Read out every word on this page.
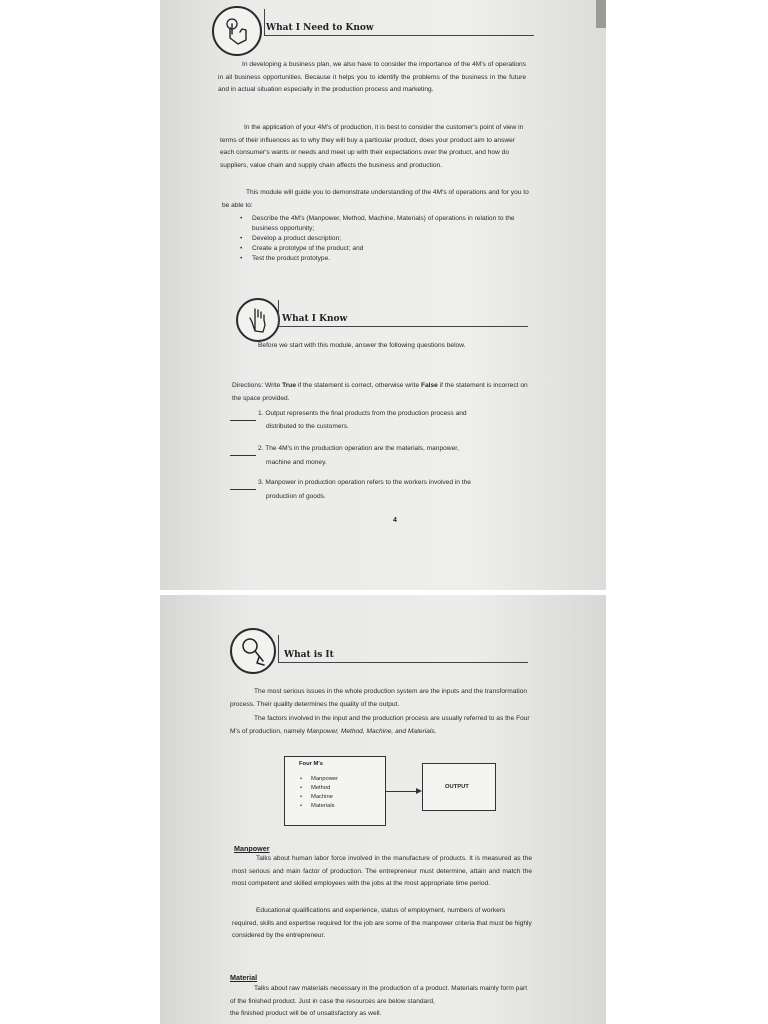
What I Need to Know
In developing a business plan, we also have to consider the importance of the 4M's of operations in all business opportunities. Because it helps you to identify the problems of the business in the future and in actual situation especially in the production process and marketing.
In the application of your 4M's of production, it is best to consider the customer's point of view in terms of their influences as to why they will buy a particular product, does your product aim to answer each consumer's wants or needs and meet up with their expectations over the product, and how do suppliers, value chain and supply chain affects the business and production.
This module will guide you to demonstrate understanding of the 4M's of operations and for you to be able to:
• Describe the 4M's (Manpower, Method, Machine, Materials) of operations in relation to the business opportunity;
• Develop a product description;
• Create a prototype of the product; and
• Test the product prototype.
What I Know
Before we start with this module, answer the following questions below.
Directions: Write True if the statement is correct, otherwise write False if the statement is incorrect on the space provided.
1. Output represents the final products from the production process and
distributed to the customers.
2. The 4M's in the production operation are the materials, manpower,
machine and money.
3. Manpower in production operation refers to the workers involved in the
production of goods.
4
What is It
The most serious issues in the whole production system are the inputs and the transformation process. Their quality determines the quality of the output.
The factors involved in the input and the production process are usually referred to as the Four M's of production, namely Manpower, Method, Machine, and Materials.
Four M's
• Manpower
• Method
• Machine
• Materials
OUTPUT
Manpower
Talks about human labor force involved in the manufacture of products. It is measured as the most serious and main factor of production. The entrepreneur must determine, attain and match the most competent and skilled employees with the jobs at the most appropriate time period.
Educational qualifications and experience, status of employment, numbers of workers required, skills and expertise required for the job are some of the manpower criteria that must be highly considered by the entrepreneur.
Material
Talks about raw materials necessary in the production of a product. Materials mainly form part of the finished product. Just in case the resources are below standard,
the finished product will be of unsatisfactory as well.
